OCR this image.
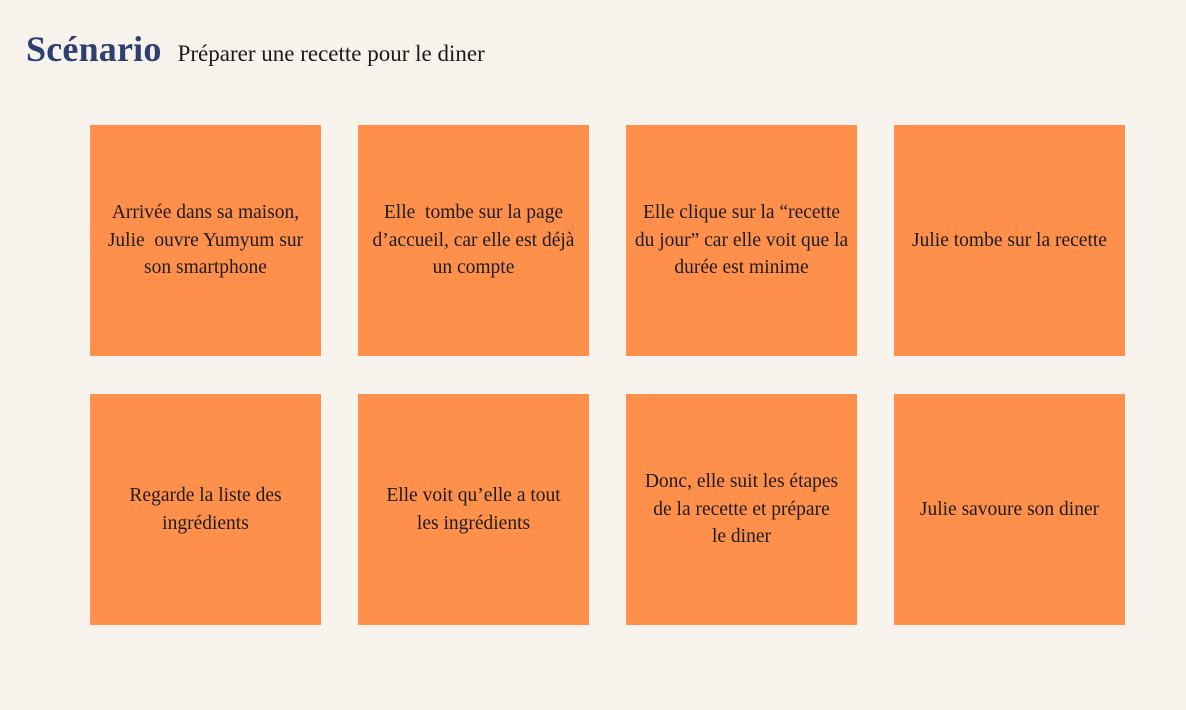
Scénario Préparer une recette pour le diner
Arrivée dans sa maison,
Julie  ouvre Yumyum sur
son smartphone
Elle  tombe sur la page
d’accueil, car elle est déjà
un compte
Elle clique sur la “recette
du jour” car elle voit que la
durée est minime
Julie tombe sur la recette
Regarde la liste des
ingrédients
Elle voit qu’elle a tout
les ingrédients
Donc, elle suit les étapes
de la recette et prépare
le diner
Julie savoure son diner
